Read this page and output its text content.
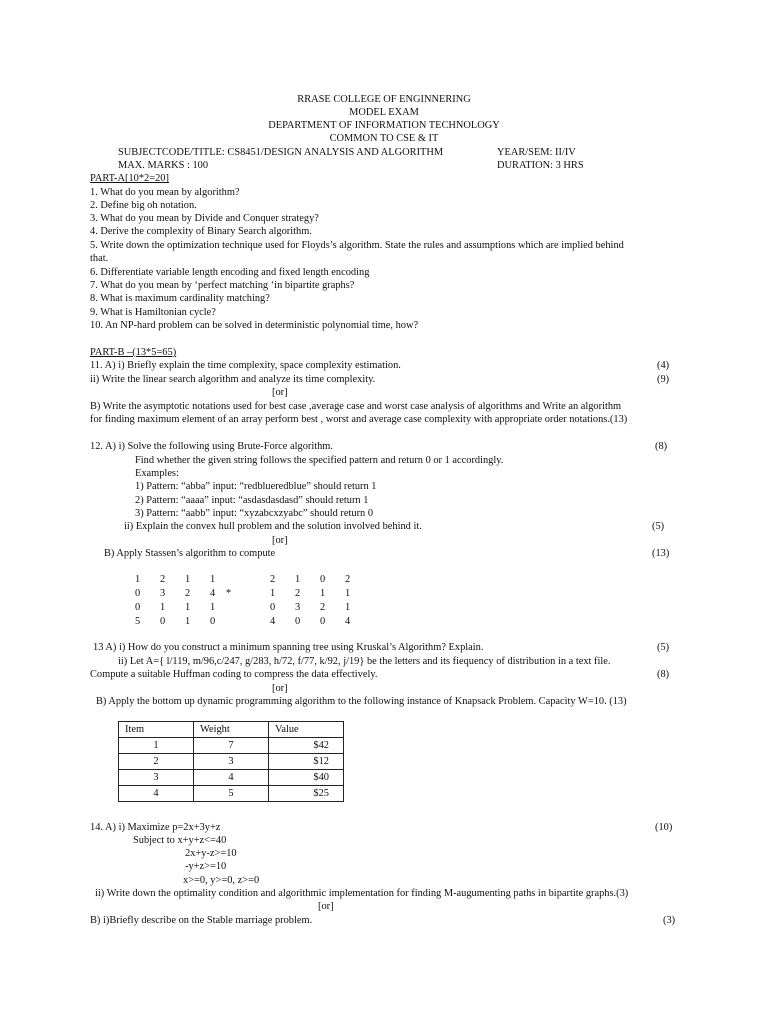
RRASE COLLEGE OF ENGINNERING
MODEL EXAM
DEPARTMENT OF INFORMATION TECHNOLOGY
COMMON TO CSE & IT
SUBJECTCODE/TITLE: CS8451/DESIGN ANALYSIS AND ALGORITHM	YEAR/SEM: II/IV
MAX. MARKS : 100	DURATION: 3 HRS
PART-A[10*2=20]
1. What do you mean by algorithm?
2. Define big oh notation.
3. What do you mean by Divide and Conquer strategy?
4. Derive the complexity of Binary Search algorithm.
5. Write down the optimization technique used for Floyds’s algorithm. State the rules and assumptions which are implied behind
that.
6. Differentiate variable length encoding and fixed length encoding
7. What do you mean by ‘perfect matching ‘in bipartite graphs?
8. What is maximum cardinality matching?
9. What is Hamiltonian cycle?
10. An NP-hard problem can be solved in deterministic polynomial time, how?
PART-B –(13*5=65)
11. A) i) Briefly explain the time complexity, space complexity estimation.	(4)
ii) Write the linear search algorithm and analyze its time complexity.	(9)
[or]
B) Write the asymptotic notations used for best case ,average case and worst case analysis of algorithms and Write an algorithm
for finding maximum element of an array perform best , worst and average case complexity with appropriate order notations.(13)
12. A) i) Solve the following using Brute-Force algorithm.	(8)
Find whether the given string follows the specified pattern and return 0 or 1 accordingly.
Examples:
1) Pattern: “abba” input: “redblueredblue” should return 1
2) Pattern: “aaaa” input: “asdasdasdasd” should return 1
3) Pattern: “aabb” input: “xyzabcxzyabc” should return 0
ii) Explain the convex hull problem and the solution involved behind it.	(5)
[or]
B) Apply Stassen’s algorithm to compute	(13)
1   2   1   1
0   3   2   4
0   1   1   1
5   0   1   0
*
2   1   0   2
1   2   1   1
0   3   2   1
4   0   0   4
13 A) i) How do you construct a minimum spanning tree using Kruskal’s Algorithm? Explain.	(5)
ii) Let A={ l/119, m/96,c/247, g/283, h/72, f/77, k/92, j/19} be the letters and its fiequency of distribution in a text file.
Compute a suitable Huffman coding to compress the data effectively.	(8)
[or]
B) Apply the bottom up dynamic programming algorithm to the following instance of Knapsack Problem. Capacity W=10. (13)
Item	Weight	Value
1	7	$42
2	3	$12
3	4	$40
4	5	$25
14. A) i) Maximize p=2x+3y+z	(10)
Subject to x+y+z<=40
2x+y-z>=10
-y+z>=10
x>=0, y>=0, z>=0
ii) Write down the optimality condition and algorithmic implementation for finding M-augumenting paths in bipartite graphs.(3)
[or]
B) i)Briefly describe on the Stable marriage problem.	(3)
